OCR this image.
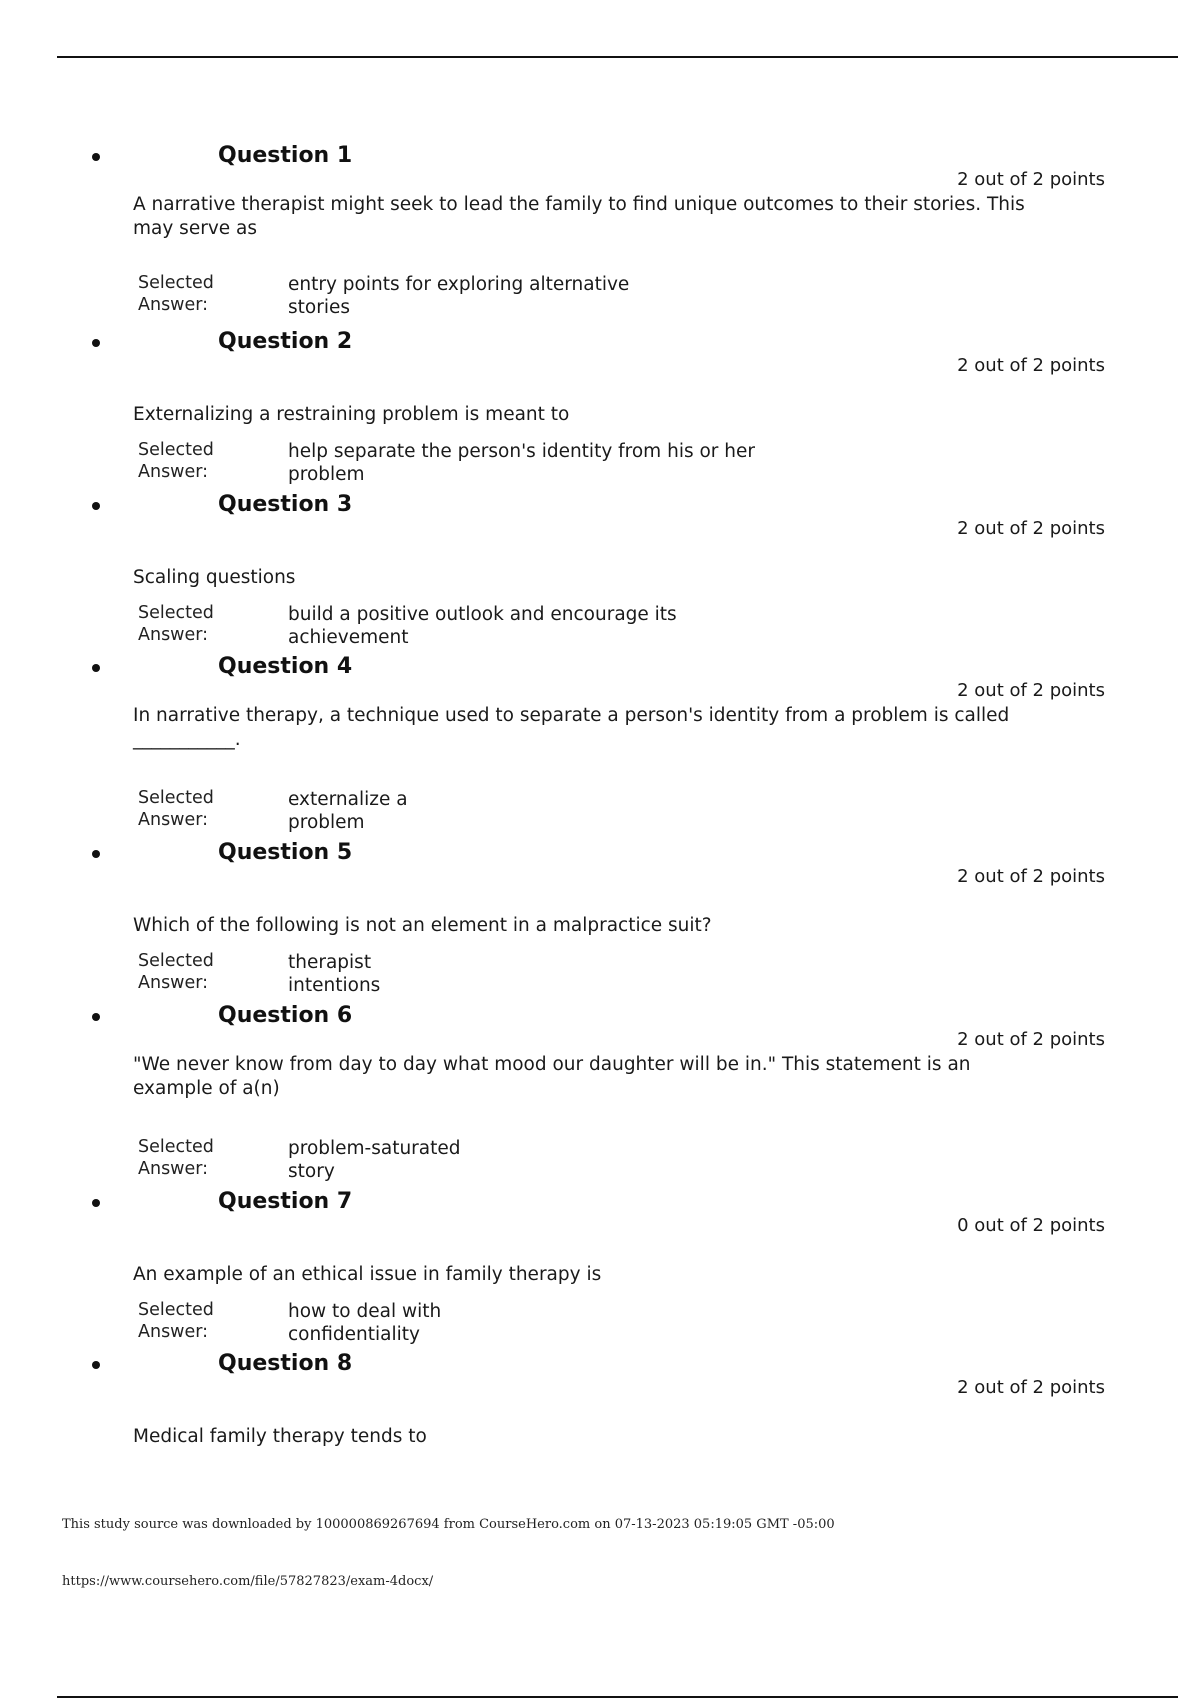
Question 1
2 out of 2 points
A narrative therapist might seek to lead the family to find unique outcomes to their stories. This may serve as
Selected Answer:
entry points for exploring alternative stories
Question 2
2 out of 2 points
Externalizing a restraining problem is meant to
Selected Answer:
help separate the person's identity from his or her problem
Question 3
2 out of 2 points
Scaling questions
Selected Answer:
build a positive outlook and encourage its achievement
Question 4
2 out of 2 points
In narrative therapy, a technique used to separate a person's identity from a problem is called ___________.
Selected Answer:
externalize a problem
Question 5
2 out of 2 points
Which of the following is not an element in a malpractice suit?
Selected Answer:
therapist intentions
Question 6
2 out of 2 points
"We never know from day to day what mood our daughter will be in." This statement is an example of a(n)
Selected Answer:
problem-saturated story
Question 7
0 out of 2 points
An example of an ethical issue in family therapy is
Selected Answer:
how to deal with confidentiality
Question 8
2 out of 2 points
Medical family therapy tends to
This study source was downloaded by 100000869267694 from CourseHero.com on 07-13-2023 05:19:05 GMT -05:00
https://www.coursehero.com/file/57827823/exam-4docx/
